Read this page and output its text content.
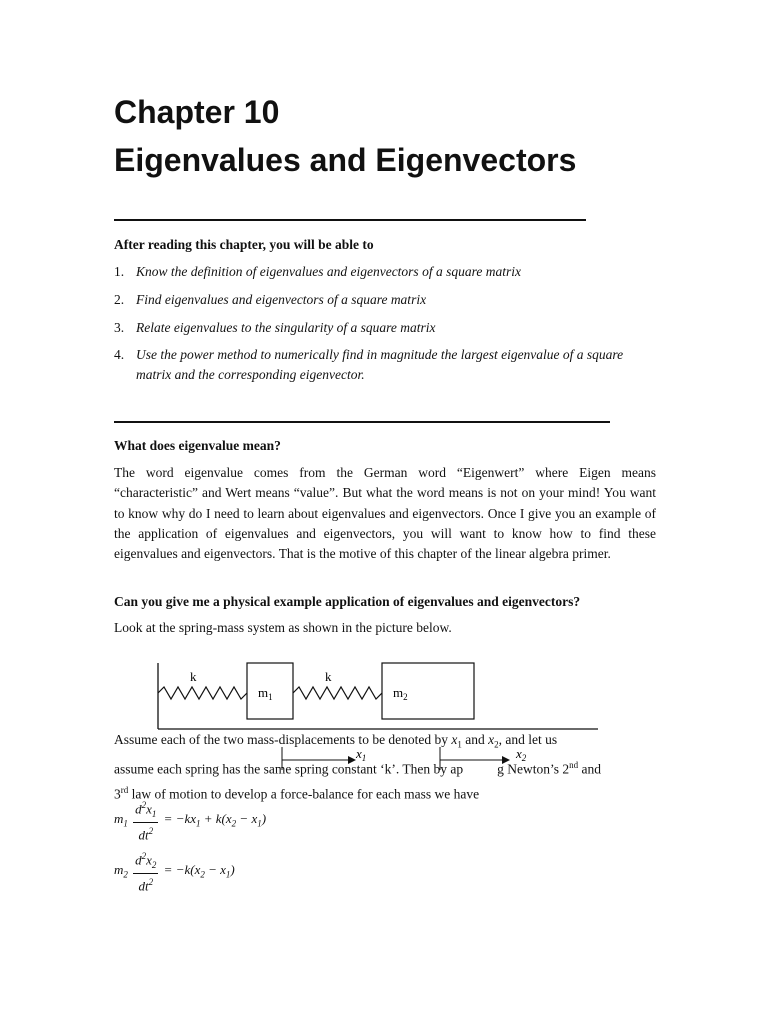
Chapter 10
Eigenvalues and Eigenvectors
After reading this chapter, you will be able to
1. Know the definition of eigenvalues and eigenvectors of a square matrix
2. Find eigenvalues and eigenvectors of a square matrix
3. Relate eigenvalues to the singularity of a square matrix
4. Use the power method to numerically find in magnitude the largest eigenvalue of a square matrix and the corresponding eigenvector.
What does eigenvalue mean?
The word eigenvalue comes from the German word “Eigenwert” where Eigen means “characteristic” and Wert means “value”. But what the word means is not on your mind! You want to know why do I need to learn about eigenvalues and eigenvectors. Once I give you an example of the application of eigenvalues and eigenvectors, you will want to know how to find these eigenvalues and eigenvectors. That is the motive of this chapter of the linear algebra primer.
Can you give me a physical example application of eigenvalues and eigenvectors?
Look at the spring-mass system as shown in the picture below.
k
$m_1$
k
$m_2$
$x_1$	$x_2$
Assume each of the two mass-displacements to be denoted by $x_1$ and $x_2$, and let us
assume each spring has the same spring constant ‘k’. Then by ap	g Newton’s 2nd and
3rd law of motion to develop a force-balance for each mass we have
$m_1 \frac{d^2x_1}{dt^2} = -kx_1 + k(x_2 - x_1)$
$m_2 \frac{d^2x_2}{dt^2} = -k(x_2 - x_1)$
